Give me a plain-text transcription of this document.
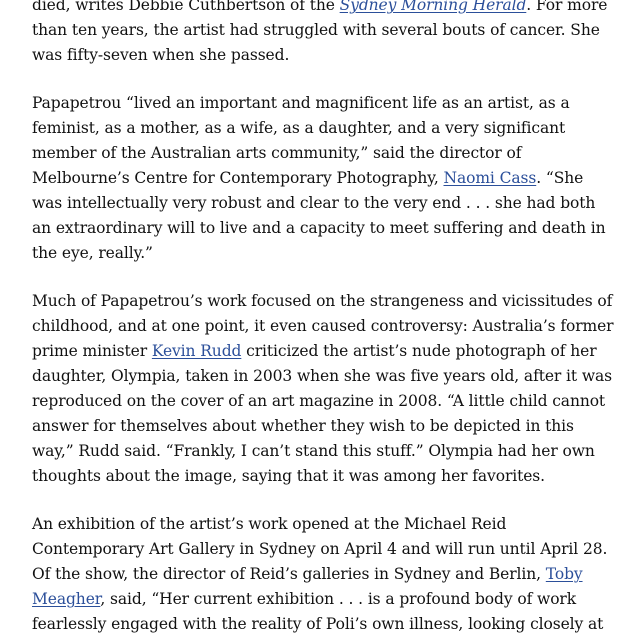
died, writes Debbie Cuthbertson of the Sydney Morning Herald. For more than ten years, the artist had struggled with several bouts of cancer. She was fifty-seven when she passed.

Papapetrou “lived an important and magnificent life as an artist, as a feminist, as a mother, as a wife, as a daughter, and a very significant member of the Australian arts community,” said the director of Melbourne’s Centre for Contemporary Photography, Naomi Cass. “She was intellectually very robust and clear to the very end . . . she had both an extraordinary will to live and a capacity to meet suffering and death in the eye, really.”

Much of Papapetrou’s work focused on the strangeness and vicissitudes of childhood, and at one point, it even caused controversy: Australia’s former prime minister Kevin Rudd criticized the artist’s nude photograph of her daughter, Olympia, taken in 2003 when she was five years old, after it was reproduced on the cover of an art magazine in 2008. “A little child cannot answer for themselves about whether they wish to be depicted in this way,” Rudd said. “Frankly, I can’t stand this stuff.” Olympia had her own thoughts about the image, saying that it was among her favorites.

An exhibition of the artist’s work opened at the Michael Reid Contemporary Art Gallery in Sydney on April 4 and will run until April 28. Of the show, the director of Reid’s galleries in Sydney and Berlin, Toby Meagher, said, “Her current exhibition . . . is a profound body of work fearlessly engaged with the reality of Poli’s own illness, looking closely at
